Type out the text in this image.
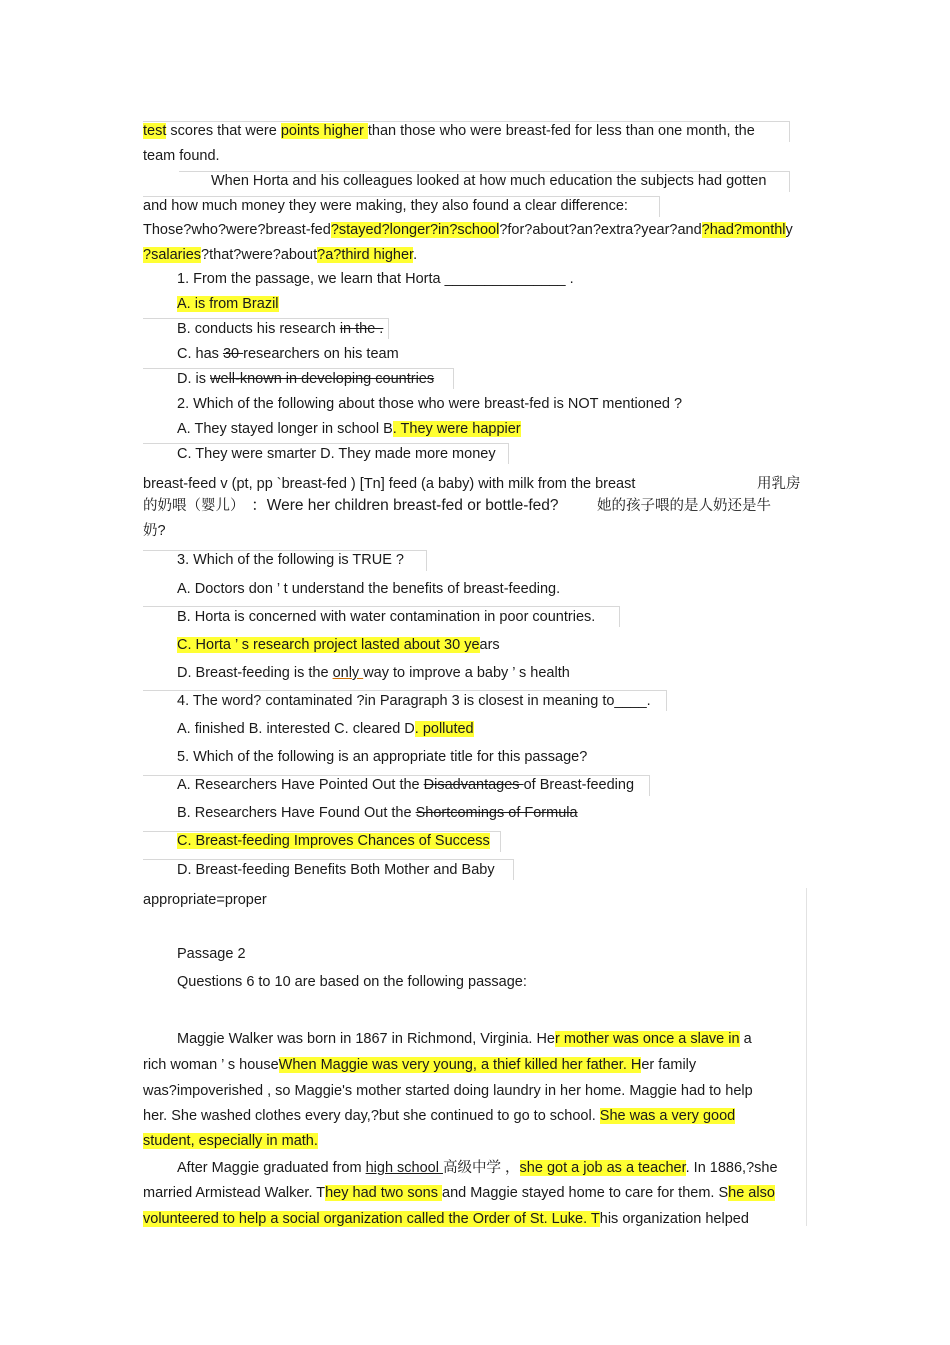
test scores that were points higher than those who were breast-fed for less than one month, the
team found.
When Horta and his colleagues looked at how much education the subjects had gotten
and how much money they were making, they also found a clear difference:
Those?who?were?breast-fed?stayed?longer?in?school?for?about?an?extra?year?and?had?monthly
?salaries?that?were?about?a?third higher.
1. From the passage, we learn that Horta _______________ .
A. is from Brazil
B. conducts his research in the .
C. has 30 researchers on his team
D. is well-known in developing countries
2. Which of the following about those who were breast-fed is NOT mentioned ?
A. They stayed longer in school B. They were happier
C. They were smarter D. They made more money
breast-feed v (pt, pp `breast-fed ) [Tn] feed (a baby) with milk from the breast	用乳房
的奶喂（婴儿） ：Were her children breast-fed or bottle-fed?	她的孩子喂的是人奶还是牛
奶?
3. Which of the following is TRUE ?
A. Doctors don ’ t understand the benefits of breast-feeding.
B. Horta is concerned with water contamination in poor countries.
C. Horta ’ s research project lasted about 30 years
D. Breast-feeding is the only way to improve a baby ’ s health
4. The word? contaminated ?in Paragraph 3 is closest in meaning to____.
A. finished B. interested C. cleared D. polluted
5. Which of the following is an appropriate title for this passage?
A. Researchers Have Pointed Out the Disadvantages of Breast-feeding
B. Researchers Have Found Out the Shortcomings of Formula
C. Breast-feeding Improves Chances of Success
D. Breast-feeding Benefits Both Mother and Baby
appropriate=proper
Passage 2
Questions 6 to 10 are based on the following passage:
Maggie Walker was born in 1867 in Richmond, Virginia. Her mother was once a slave in a
rich woman ’ s houseWhen Maggie was very young, a thief killed her father. Her family
was?impoverished , so Maggie's mother started doing laundry in her home. Maggie had to help
her. She washed clothes every day,?but she continued to go to school. She was a very good
student, especially in math.
After Maggie graduated from high school 高级中学 ，she got a job as a teacher. In 1886,?she
married Armistead Walker. They had two sons and Maggie stayed home to care for them. She also
volunteered to help a social organization called the Order of St. Luke. This organization helped
